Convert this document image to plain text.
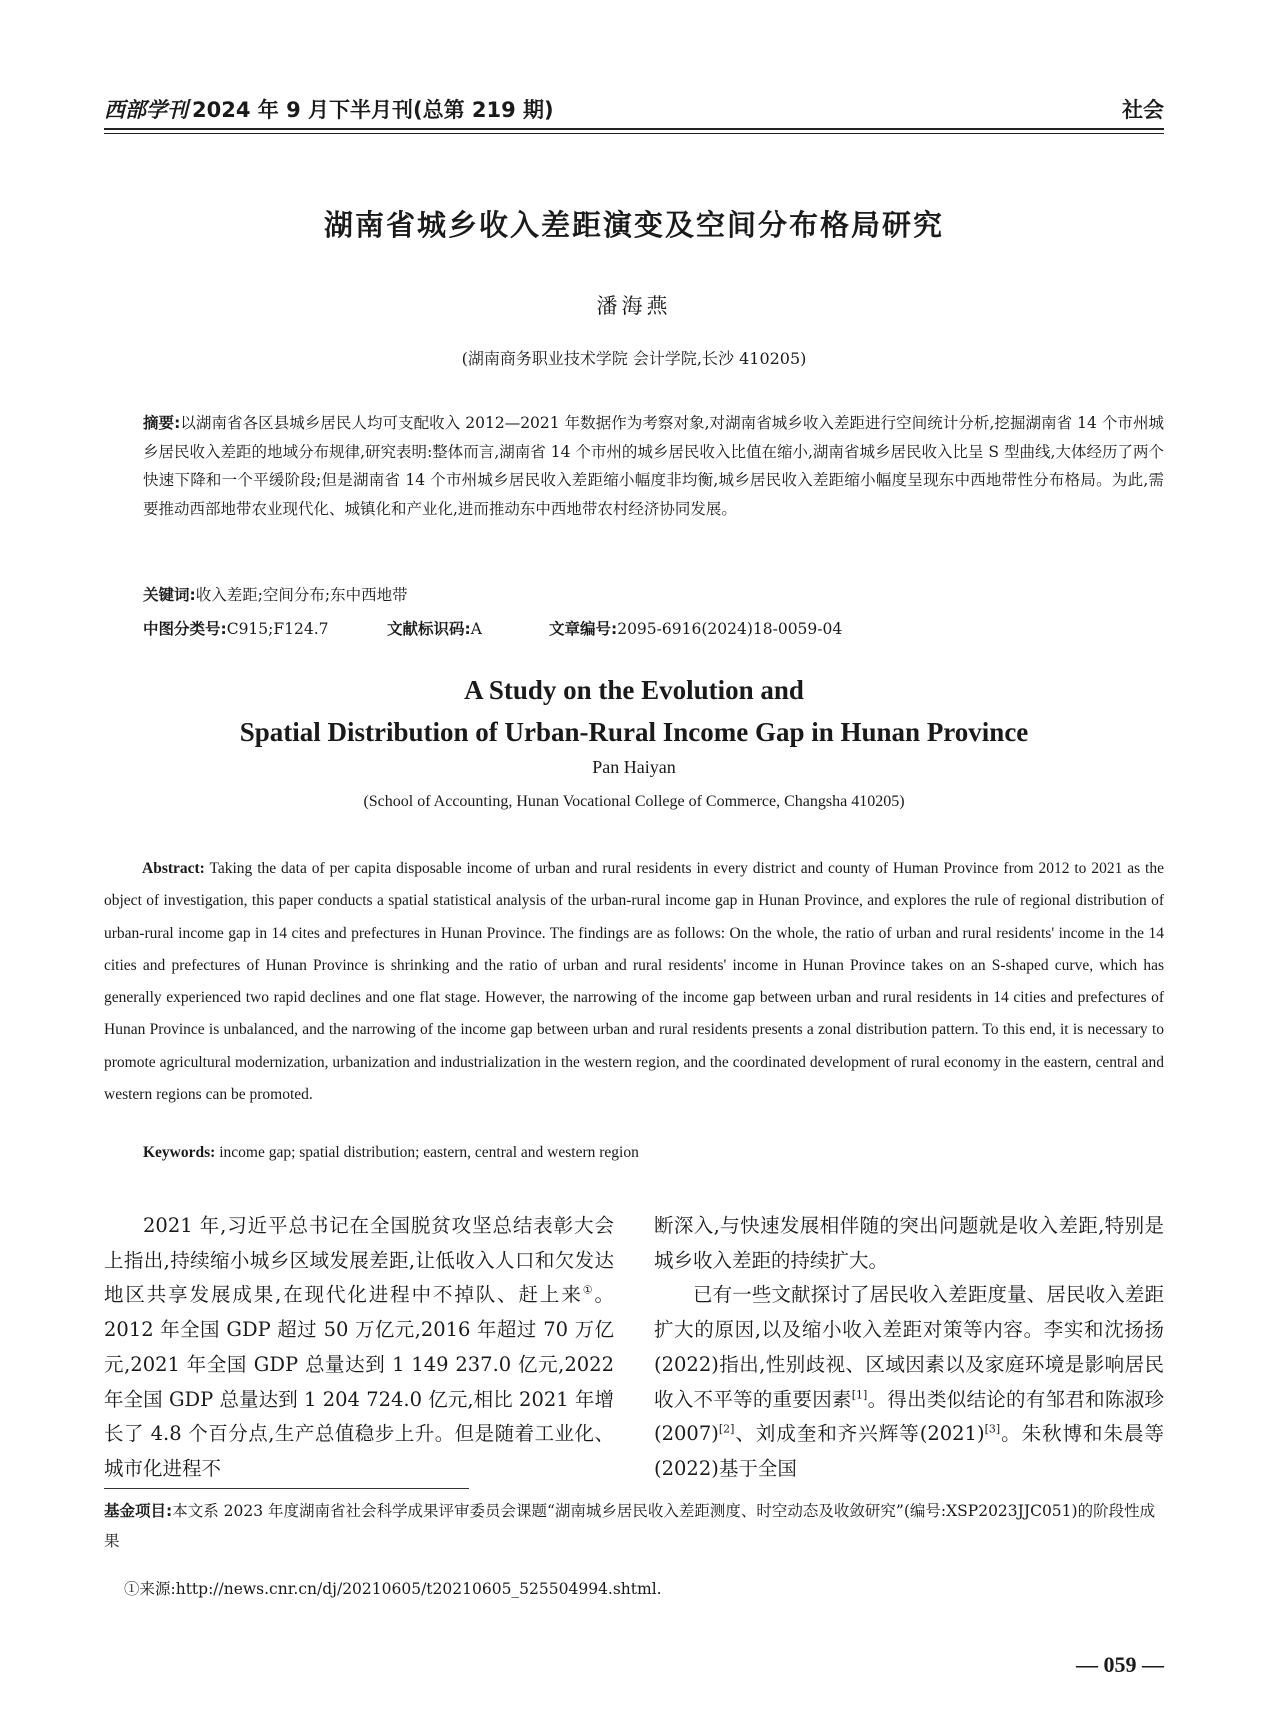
西部学刊 2024 年 9 月下半月刊(总第 219 期)	社会
湖南省城乡收入差距演变及空间分布格局研究
潘海燕
(湖南商务职业技术学院 会计学院,长沙 410205)
摘要:以湖南省各区县城乡居民人均可支配收入 2012—2021 年数据作为考察对象,对湖南省城乡收入差距进行空间统计分析,挖掘湖南省 14 个市州城乡居民收入差距的地域分布规律,研究表明:整体而言,湖南省 14 个市州的城乡居民收入比值在缩小,湖南省城乡居民收入比呈 S 型曲线,大体经历了两个快速下降和一个平缓阶段;但是湖南省 14 个市州城乡居民收入差距缩小幅度非均衡,城乡居民收入差距缩小幅度呈现东中西地带性分布格局。为此,需要推动西部地带农业现代化、城镇化和产业化,进而推动东中西地带农村经济协同发展。
关键词:收入差距;空间分布;东中西地带
中图分类号:C915;F124.7	文献标识码:A	文章编号:2095-6916(2024)18-0059-04
A Study on the Evolution and
Spatial Distribution of Urban-Rural Income Gap in Hunan Province
Pan Haiyan
(School of Accounting, Hunan Vocational College of Commerce, Changsha 410205)
Abstract: Taking the data of per capita disposable income of urban and rural residents in every district and county of Human Province from 2012 to 2021 as the object of investigation, this paper conducts a spatial statistical analysis of the urban-rural income gap in Hunan Province, and explores the rule of regional distribution of urban-rural income gap in 14 cites and prefectures in Hunan Province. The findings are as follows: On the whole, the ratio of urban and rural residents' income in the 14 cities and prefectures of Hunan Province is shrinking and the ratio of urban and rural residents' income in Hunan Province takes on an S-shaped curve, which has generally experienced two rapid declines and one flat stage. However, the narrowing of the income gap between urban and rural residents in 14 cities and prefectures of Hunan Province is unbalanced, and the narrowing of the income gap between urban and rural residents presents a zonal distribution pattern. To this end, it is necessary to promote agricultural modernization, urbanization and industrialization in the western region, and the coordinated development of rural economy in the eastern, central and western regions can be promoted.
Keywords: income gap; spatial distribution; eastern, central and western region

2021 年,习近平总书记在全国脱贫攻坚总结表彰大会上指出,持续缩小城乡区域发展差距,让低收入人口和欠发达地区共享发展成果,在现代化进程中不掉队、赶上来①。2012 年全国 GDP 超过 50 万亿元,2016 年超过 70 万亿元,2021 年全国 GDP 总量达到 1 149 237.0 亿元,2022 年全国 GDP 总量达到 1 204 724.0 亿元,相比 2021 年增长了 4.8 个百分点,生产总值稳步上升。但是随着工业化、城市化进程不

断深入,与快速发展相伴随的突出问题就是收入差距,特别是城乡收入差距的持续扩大。

已有一些文献探讨了居民收入差距度量、居民收入差距扩大的原因,以及缩小收入差距对策等内容。李实和沈扬扬(2022)指出,性别歧视、区域因素以及家庭环境是影响居民收入不平等的重要因素[1]。得出类似结论的有邹君和陈淑珍(2007)[2]、刘成奎和齐兴辉等(2021)[3]。朱秋博和朱晨等(2022)基于全国

基金项目:本文系 2023 年度湖南省社会科学成果评审委员会课题“湖南城乡居民收入差距测度、时空动态及收敛研究”(编号:XSP2023JJC051)的阶段性成果
①来源:http://news.cnr.cn/dj/20210605/t20210605_525504994.shtml.
— 059 —
